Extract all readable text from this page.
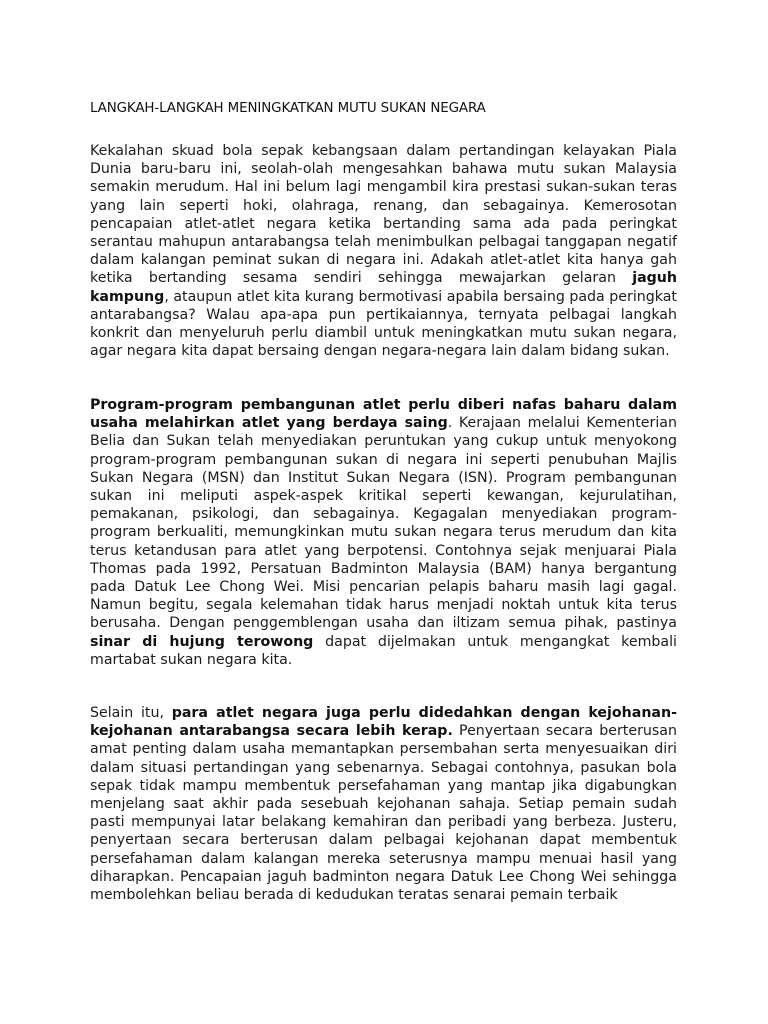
LANGKAH-LANGKAH MENINGKATKAN MUTU SUKAN NEGARA

Kekalahan skuad bola sepak kebangsaan dalam pertandingan kelayakan Piala Dunia baru-baru ini, seolah-olah mengesahkan bahawa mutu sukan Malaysia semakin merudum. Hal ini belum lagi mengambil kira prestasi sukan-sukan teras yang lain seperti hoki, olahraga, renang, dan sebagainya. Kemerosotan pencapaian atlet-atlet negara ketika bertanding sama ada pada peringkat serantau mahupun antarabangsa telah menimbulkan pelbagai tanggapan negatif dalam kalangan peminat sukan di negara ini. Adakah atlet-atlet kita hanya gah ketika bertanding sesama sendiri sehingga mewajarkan gelaran jaguh kampung, ataupun atlet kita kurang bermotivasi apabila bersaing pada peringkat antarabangsa? Walau apa-apa pun pertikaiannya, ternyata pelbagai langkah konkrit dan menyeluruh perlu diambil untuk meningkatkan mutu sukan negara, agar negara kita dapat bersaing dengan negara-negara lain dalam bidang sukan.

Program-program pembangunan atlet perlu diberi nafas baharu dalam usaha melahirkan atlet yang berdaya saing. Kerajaan melalui Kementerian Belia dan Sukan telah menyediakan peruntukan yang cukup untuk menyokong program-program pembangunan sukan di negara ini seperti penubuhan Majlis Sukan Negara (MSN) dan Institut Sukan Negara (ISN). Program pembangunan sukan ini meliputi aspek-aspek kritikal seperti kewangan, kejurulatihan, pemakanan, psikologi, dan sebagainya. Kegagalan menyediakan program-program berkualiti, memungkinkan mutu sukan negara terus merudum dan kita terus ketandusan para atlet yang berpotensi. Contohnya sejak menjuarai Piala Thomas pada 1992, Persatuan Badminton Malaysia (BAM) hanya bergantung pada Datuk Lee Chong Wei. Misi pencarian pelapis baharu masih lagi gagal. Namun begitu, segala kelemahan tidak harus menjadi noktah untuk kita terus berusaha. Dengan penggemblengan usaha dan iltizam semua pihak, pastinya sinar di hujung terowong dapat dijelmakan untuk mengangkat kembali martabat sukan negara kita.

Selain itu, para atlet negara juga perlu didedahkan dengan kejohanan-kejohanan antarabangsa secara lebih kerap. Penyertaan secara berterusan amat penting dalam usaha memantapkan persembahan serta menyesuaikan diri dalam situasi pertandingan yang sebenarnya. Sebagai contohnya, pasukan bola sepak tidak mampu membentuk persefahaman yang mantap jika digabungkan menjelang saat akhir pada sesebuah kejohanan sahaja. Setiap pemain sudah pasti mempunyai latar belakang kemahiran dan peribadi yang berbeza. Justeru, penyertaan secara berterusan dalam pelbagai kejohanan dapat membentuk persefahaman dalam kalangan mereka seterusnya mampu menuai hasil yang diharapkan. Pencapaian jaguh badminton negara Datuk Lee Chong Wei sehingga membolehkan beliau berada di kedudukan teratas senarai pemain terbaik
